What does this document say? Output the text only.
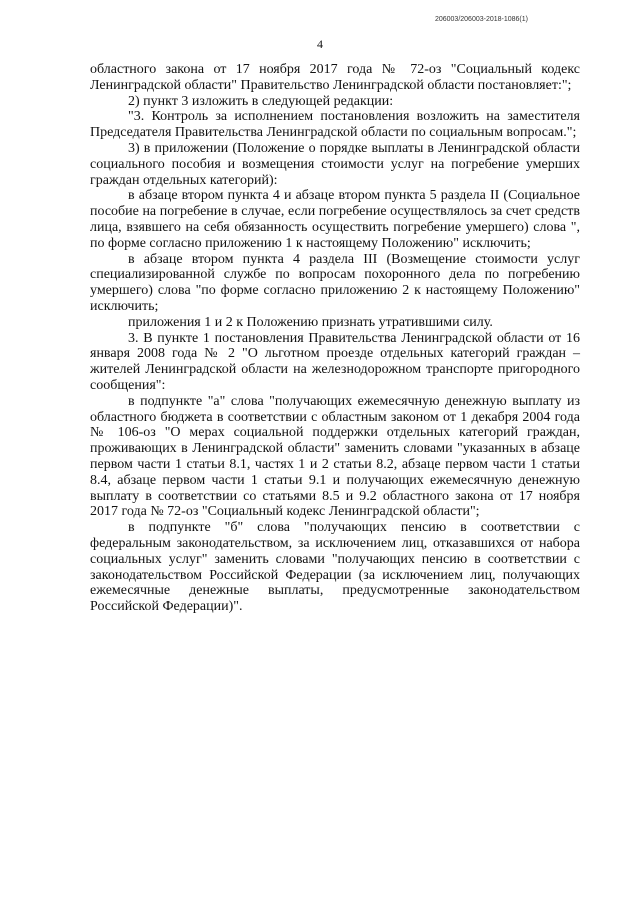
206003/206003-2018-1086(1)
4

областного закона от 17 ноября 2017 года № 72-оз "Социальный кодекс Ленинградской области" Правительство Ленинградской области постановляет:";

2) пункт 3 изложить в следующей редакции:

"3. Контроль за исполнением постановления возложить на заместителя Председателя Правительства Ленинградской области по социальным вопросам.";

3) в приложении (Положение о порядке выплаты в Ленинградской области социального пособия и возмещения стоимости услуг на погребение умерших граждан отдельных категорий):

в абзаце втором пункта 4 и абзаце втором пункта 5 раздела II (Социальное пособие на погребение в случае, если погребение осуществлялось за счет средств лица, взявшего на себя обязанность осуществить погребение умершего) слова ", по форме согласно приложению 1 к настоящему Положению" исключить;

в абзаце втором пункта 4 раздела III (Возмещение стоимости услуг специализированной службе по вопросам похоронного дела по погребению умершего) слова "по форме согласно приложению 2 к настоящему Положению" исключить;

приложения 1 и 2 к Положению признать утратившими силу.

3. В пункте 1 постановления Правительства Ленинградской области от 16 января 2008 года № 2 "О льготном проезде отдельных категорий граждан – жителей Ленинградской области на железнодорожном транспорте пригородного сообщения":

в подпункте "а" слова "получающих ежемесячную денежную выплату из областного бюджета в соответствии с областным законом от 1 декабря 2004 года № 106-оз "О мерах социальной поддержки отдельных категорий граждан, проживающих в Ленинградской области" заменить словами "указанных в абзаце первом части 1 статьи 8.1, частях 1 и 2 статьи 8.2, абзаце первом части 1 статьи 8.4, абзаце первом части 1 статьи 9.1 и получающих ежемесячную денежную выплату в соответствии со статьями 8.5 и 9.2 областного закона от 17 ноября 2017 года № 72-оз "Социальный кодекс Ленинградской области";

в подпункте "б" слова "получающих пенсию в соответствии с федеральным законодательством, за исключением лиц, отказавшихся от набора социальных услуг" заменить словами "получающих пенсию в соответствии с законодательством Российской Федерации (за исключением лиц, получающих ежемесячные денежные выплаты, предусмотренные законодательством Российской Федерации)".
